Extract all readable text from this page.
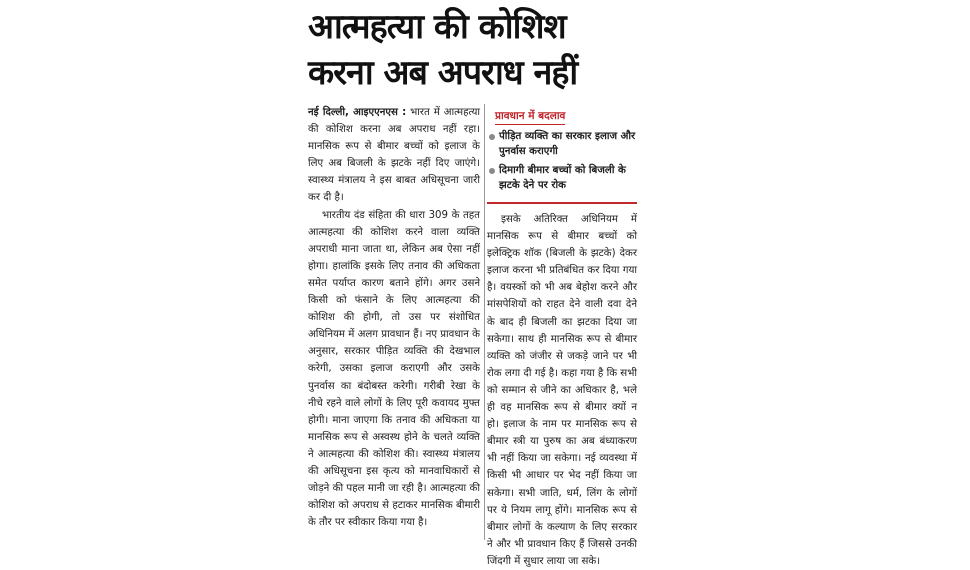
आत्महत्या की कोशिश
करना अब अपराध नहीं

नई दिल्ली, आइएएनएस : भारत में आत्महत्या की कोशिश करना अब अपराध नहीं रहा। मानसिक रूप से बीमार बच्चों को इलाज के लिए अब बिजली के झटके नहीं दिए जाएंगे। स्वास्थ्य मंत्रालय ने इस बाबत अधिसूचना जारी कर दी है।

भारतीय दंड संहिता की धारा 309 के तहत आत्महत्या की कोशिश करने वाला व्यक्ति अपराधी माना जाता था, लेकिन अब ऐसा नहीं होगा। हालांकि इसके लिए तनाव की अधिकता समेत पर्याप्त कारण बताने होंगे। अगर उसने किसी को फंसाने के लिए आत्महत्या की कोशिश की होगी, तो उस पर संशोधित अधिनियम में अलग प्रावधान हैं। नए प्रावधान के अनुसार, सरकार पीड़ित व्यक्ति की देखभाल करेगी, उसका इलाज कराएगी और उसके पुनर्वास का बंदोबस्त करेगी। गरीबी रेखा के नीचे रहने वाले लोगों के लिए पूरी कवायद मुफ्त होगी। माना जाएगा कि तनाव की अधिकता या मानसिक रूप से अस्वस्थ होने के चलते व्यक्ति ने आत्महत्या की कोशिश की। स्वास्थ्य मंत्रालय की अधिसूचना इस कृत्य को मानवाधिकारों से जोड़ने की पहल मानी जा रही है। आत्महत्या की कोशिश को अपराध से हटाकर मानसिक बीमारी के तौर पर स्वीकार किया गया है।

प्रावधान में बदलाव
पीड़ित व्यक्ति का सरकार इलाज और पुनर्वास कराएगी
दिमागी बीमार बच्चों को बिजली के झटके देने पर रोक

इसके अतिरिक्त अधिनियम में मानसिक रूप से बीमार बच्चों को इलेक्ट्रिक शॉक (बिजली के झटके) देकर इलाज करना भी प्रतिबंधित कर दिया गया है। वयस्कों को भी अब बेहोश करने और मांसपेशियों को राहत देने वाली दवा देने के बाद ही बिजली का झटका दिया जा सकेगा। साथ ही मानसिक रूप से बीमार व्यक्ति को जंजीर से जकड़े जाने पर भी रोक लगा दी गई है। कहा गया है कि सभी को सम्मान से जीने का अधिकार है, भले ही वह मानसिक रूप से बीमार क्यों न हो। इलाज के नाम पर मानसिक रूप से बीमार स्त्री या पुरुष का अब बंध्याकरण भी नहीं किया जा सकेगा। नई व्यवस्था में किसी भी आधार पर भेद नहीं किया जा सकेगा। सभी जाति, धर्म, लिंग के लोगों पर ये नियम लागू होंगे। मानसिक रूप से बीमार लोगों के कल्याण के लिए सरकार ने और भी प्रावधान किए हैं जिससे उनकी जिंदगी में सुधार लाया जा सके।
